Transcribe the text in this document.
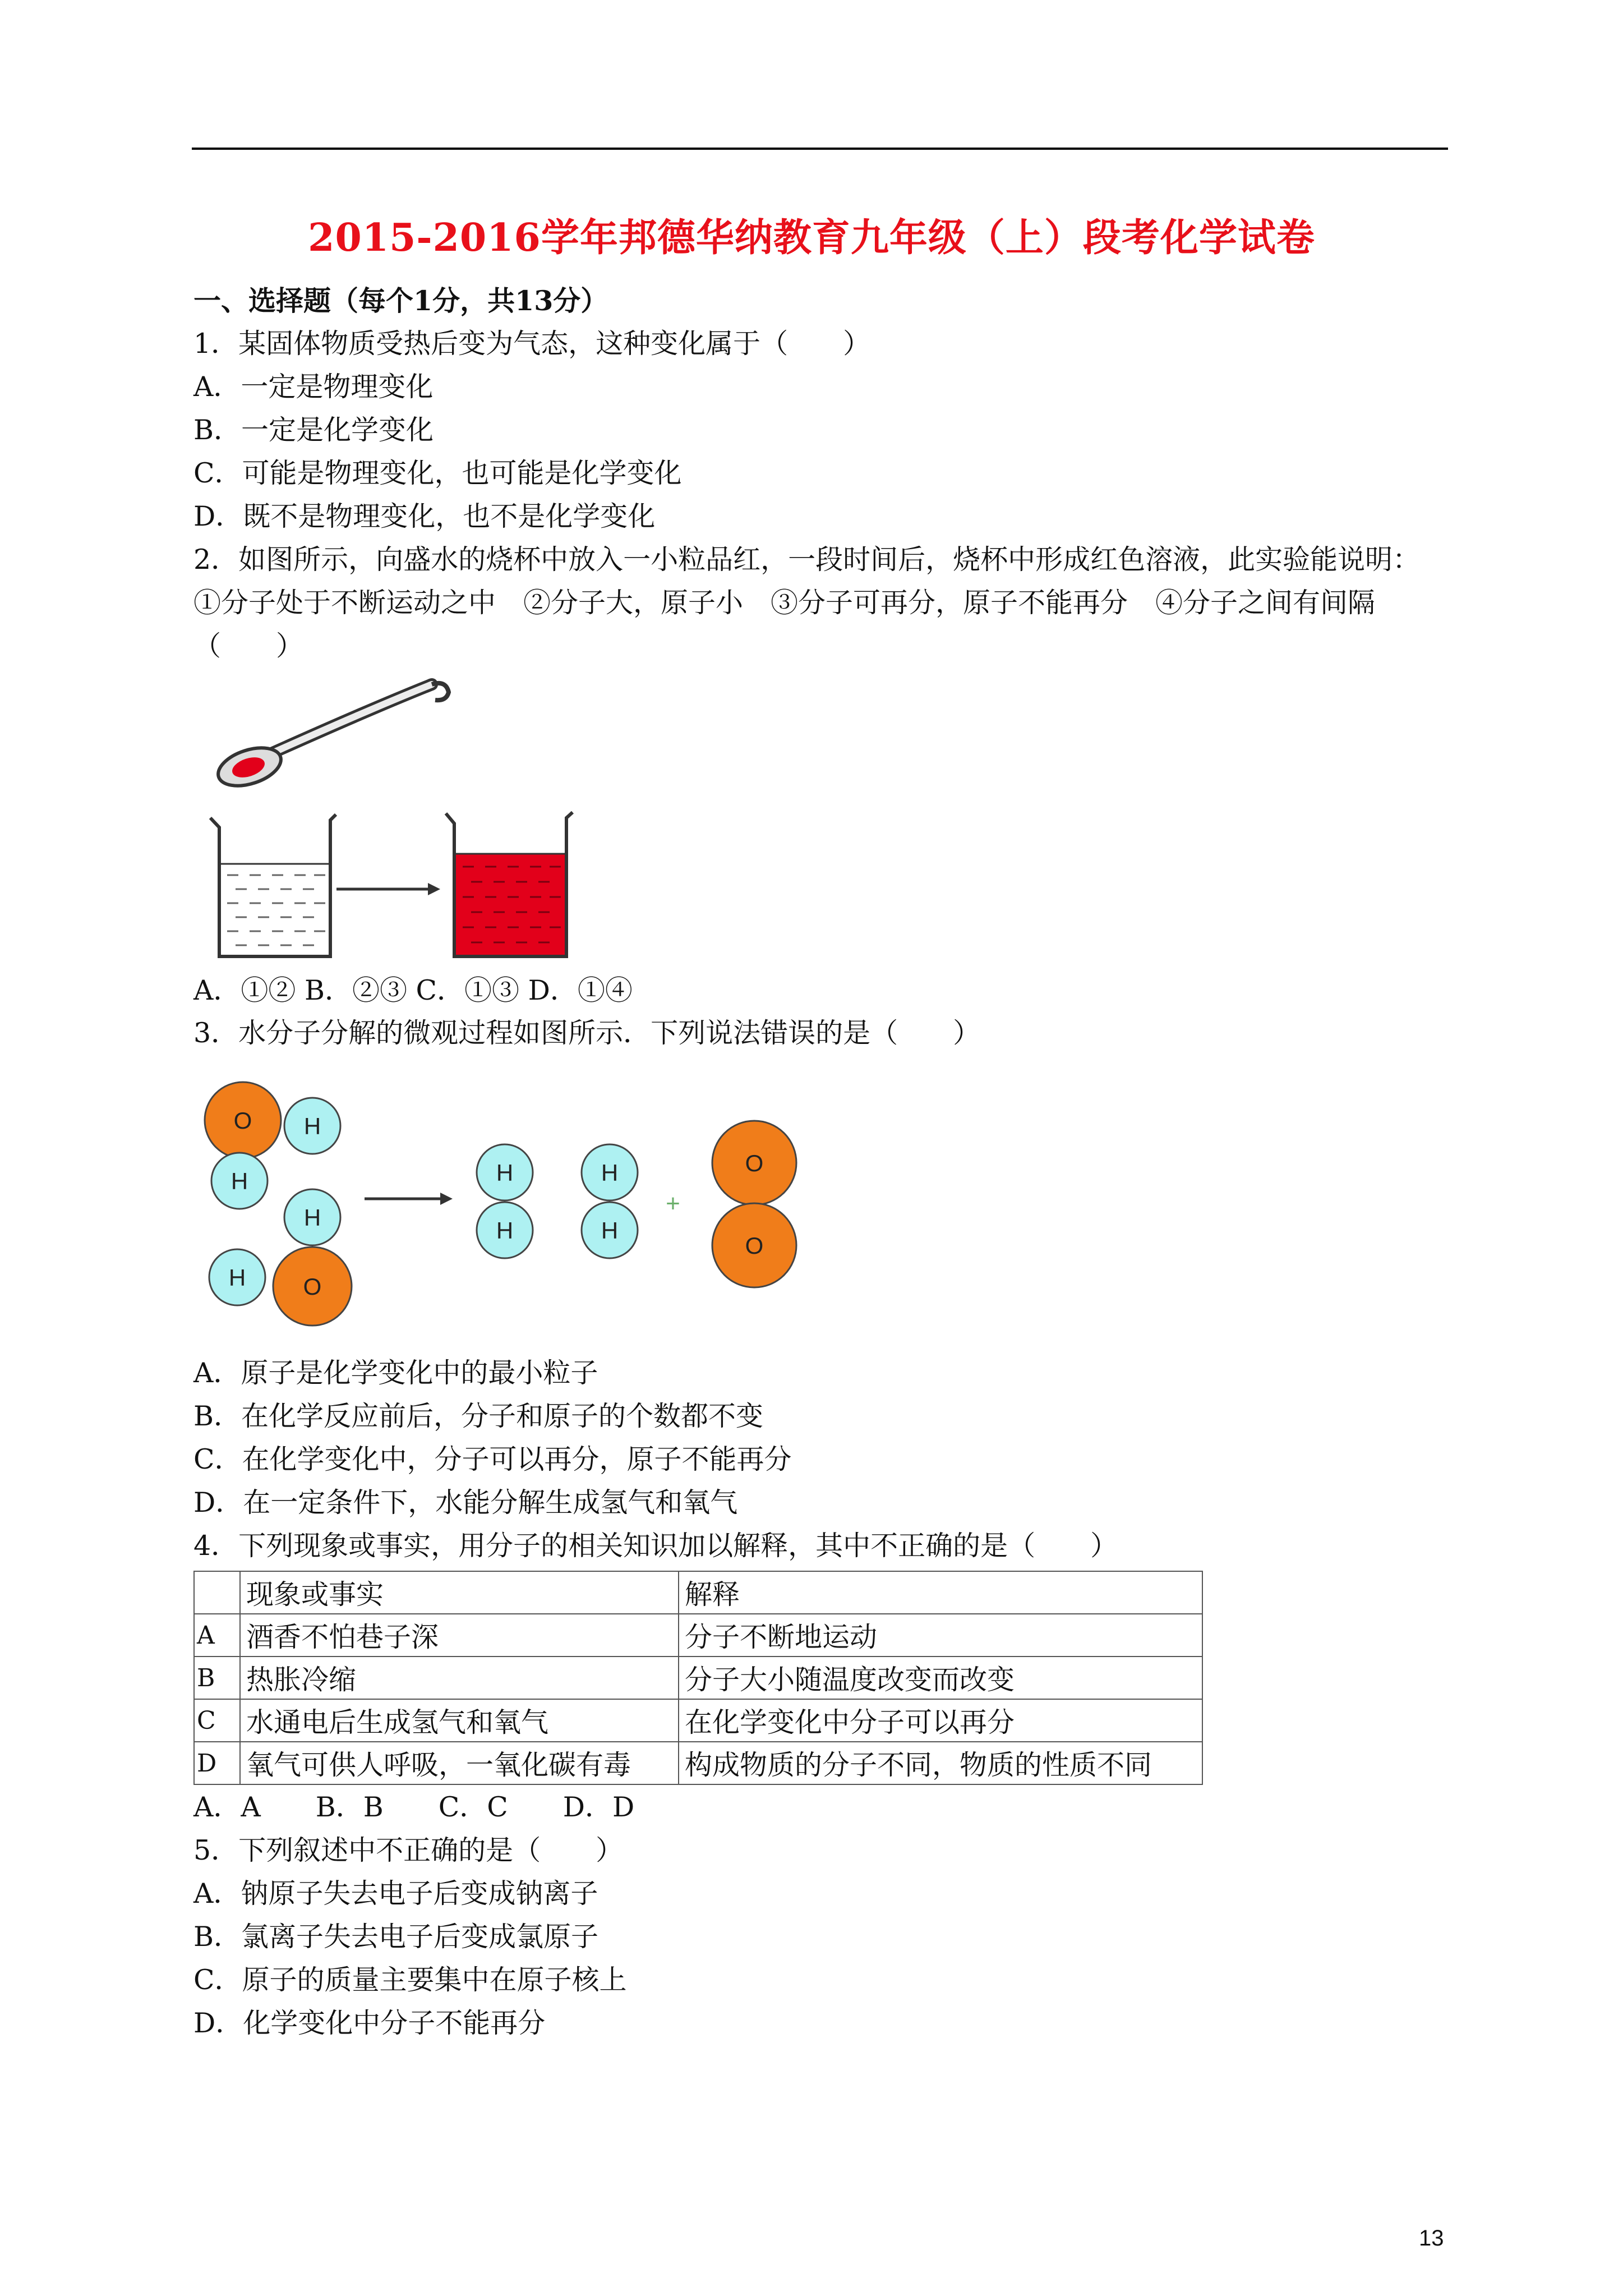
2015-2016学年邦德华纳教育九年级（上）段考化学试卷
一、选择题（每个1分，共13分）
1．某固体物质受热后变为气态，这种变化属于（　　）
A．一定是物理变化
B．一定是化学变化
C．可能是物理变化，也可能是化学变化
D．既不是物理变化，也不是化学变化
2．如图所示，向盛水的烧杯中放入一小粒品红，一段时间后，烧杯中形成红色溶液，此实验能说明：
①分子处于不断运动之中　②分子大，原子小　③分子可再分，原子不能再分　④分子之间有间隔
（　　）
A．①② B．②③ C．①③ D．①④
3．水分子分解的微观过程如图所示．下列说法错误的是（　　）
O H
H
H
H O
H
H
H
H
+
O
O
A．原子是化学变化中的最小粒子
B．在化学反应前后，分子和原子的个数都不变
C．在化学变化中，分子可以再分，原子不能再分
D．在一定条件下，水能分解生成氢气和氧气
4．下列现象或事实，用分子的相关知识加以解释，其中不正确的是（　　）
	现象或事实	解释
A	酒香不怕巷子深	分子不断地运动
B	热胀冷缩	分子大小随温度改变而改变
C	水通电后生成氢气和氧气	在化学变化中分子可以再分
D	氧气可供人呼吸，一氧化碳有毒	构成物质的分子不同，物质的性质不同
A．A　　B．B　　C．C　　D．D
5．下列叙述中不正确的是（　　）
A．钠原子失去电子后变成钠离子
B．氯离子失去电子后变成氯原子
C．原子的质量主要集中在原子核上
D．化学变化中分子不能再分
13
